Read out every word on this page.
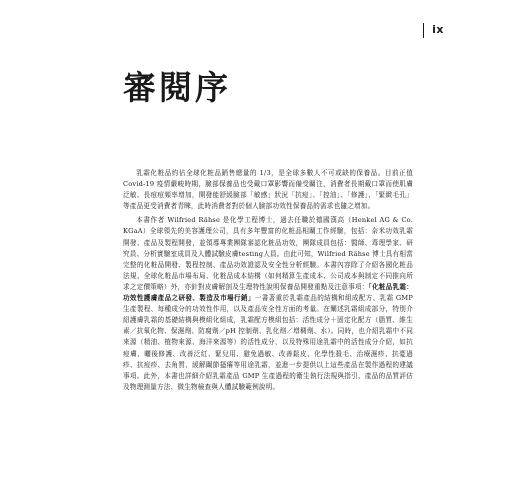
ix
審閱序

乳霜化粧品約佔全球化粧品銷售總量的 1/3，是全球多數人不可或缺的保養品。目前正值 Covid-19 疫情嚴峻時期，臉部保養品也受戴口罩影響而備受關注，消費者長期戴口罩而使肌膚泛敏、長痘痘頻率增加，開發能舒緩臉部「敏感」狀況「抗痘」、「控油」、「修護」、「緊緻毛孔」等產品更受消費者青睞，此時消費者對於個人臉部功效性保養品的需求也隨之增加。

本書作者 Wilfried Rähse 是化學工程博士，過去任職於德國漢高（Henkel AG & Co. KGaA）全球領先的美容護理公司，具有多年豐富的化粧品相關工作經驗，包括：奈米功效乳霜開發、產品及製程開發，並領導專業團隊審認化粧品功效，團隊成員包括：醫師、毒理學家、研究員、分析實驗室成員及人體試驗皮膚testing人員。由此可知，Wilfried Rähse 博士具有相當完整的化粧品開發、製程控制、產品功效證認及安全性分析經驗。本書內容除了介紹各國化粧品法規、全球化粧品市場布局、化粧品成本結構（如何精算生產成本、公司成本與制定不同推向所求之定價策略）外，亦針對皮膚解剖及生理特性說明保養品開發重點及注意事項：「化粧品乳霜：功效性護膚產品之研發、製造及市場行銷」一書著重於乳霜產品的結構和組成配方、乳霜 GMP 生產製程、每種成分的功效性作用，以及產品安全性方面的考量。在闡述乳霜組成部分，特別介紹護膚乳霜的基礎結構與模組化組成，乳霜配方模組包括：活性成分＋固定化配方（脂質、維生素／抗氧化物、保濕劑、防腐劑／pH 控制劑、乳化劑／增稠劑、水）。同時，也介紹乳霜中不同來源（精油、植物來源、海洋來源等）的活性成分，以及特殊用途乳霜中的活性成分介紹，如抗痘膚、曬後修護、改善泛紅、緊兒用、避免過敏、改善鬆皮、化學性殺毛、治療濕疹、抗憂過疹、抗痘疹、去角質、緩解關節搔癢等用途乳霜，並進一步提供以上這些產品在製作過程的建議事項。此外，本書也詳細介紹乳霜產品 GMP 生產過程的衛生執行法規與指引、產品的品質評估及物理測量方法、微生物檢查與人體試驗範例說明。
